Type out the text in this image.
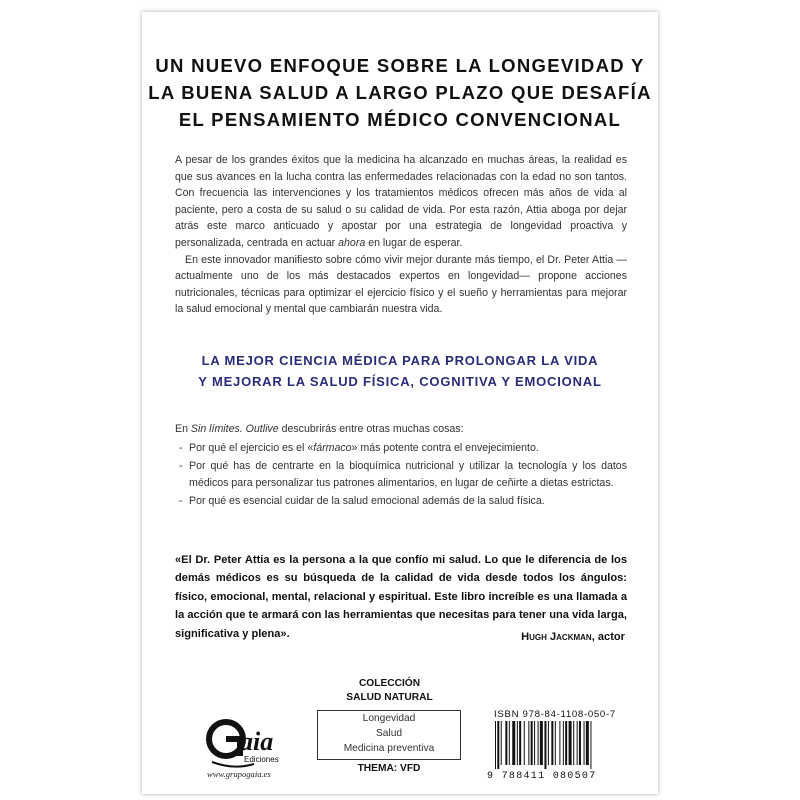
UN NUEVO ENFOQUE SOBRE LA LONGEVIDAD Y
LA BUENA SALUD A LARGO PLAZO QUE DESAFÍA
EL PENSAMIENTO MÉDICO CONVENCIONAL

A pesar de los grandes éxitos que la medicina ha alcanzado en muchas áreas, la realidad es que sus avances en la lucha contra las enfermedades relacionadas con la edad no son tantos. Con frecuencia las intervenciones y los tratamientos médicos ofrecen más años de vida al paciente, pero a costa de su salud o su calidad de vida. Por esta razón, Attia aboga por dejar atrás este marco anticuado y apostar por una estrategia de longevidad proactiva y personalizada, centrada en actuar ahora en lugar de esperar.

En este innovador manifiesto sobre cómo vivir mejor durante más tiempo, el Dr. Peter Attia —actualmente uno de los más destacados expertos en longevidad— propone acciones nutricionales, técnicas para optimizar el ejercicio físico y el sueño y herramientas para mejorar la salud emocional y mental que cambiarán nuestra vida.

LA MEJOR CIENCIA MÉDICA PARA PROLONGAR LA VIDA
Y MEJORAR LA SALUD FÍSICA, COGNITIVA Y EMOCIONAL
En Sin límites. Outlive descubrirás entre otras muchas cosas:
- Por qué el ejercicio es el «fármaco» más potente contra el envejecimiento.
- Por qué has de centrarte en la bioquímica nutricional y utilizar la tecnología y los datos médicos para personalizar tus patrones alimentarios, en lugar de ceñirte a dietas estrictas.
- Por qué es esencial cuidar de la salud emocional además de la salud física.
«El Dr. Peter Attia es la persona a la que confío mi salud. Lo que le diferencia de los demás médicos es su búsqueda de la calidad de vida desde todos los ángulos: físico, emocional, mental, relacional y espiritual. Este libro increíble es una llamada a la acción que te armará con las herramientas que necesitas para tener una vida larga, significativa y plena».	Hugh Jackman, actor
COLECCIÓN
SALUD NATURAL
Longevidad
Salud
Medicina preventiva
THEMA: VFD
aia
Ediciones
www.grupogaia.es
ISBN 978-84-1108-050-7
9 788411 080507
